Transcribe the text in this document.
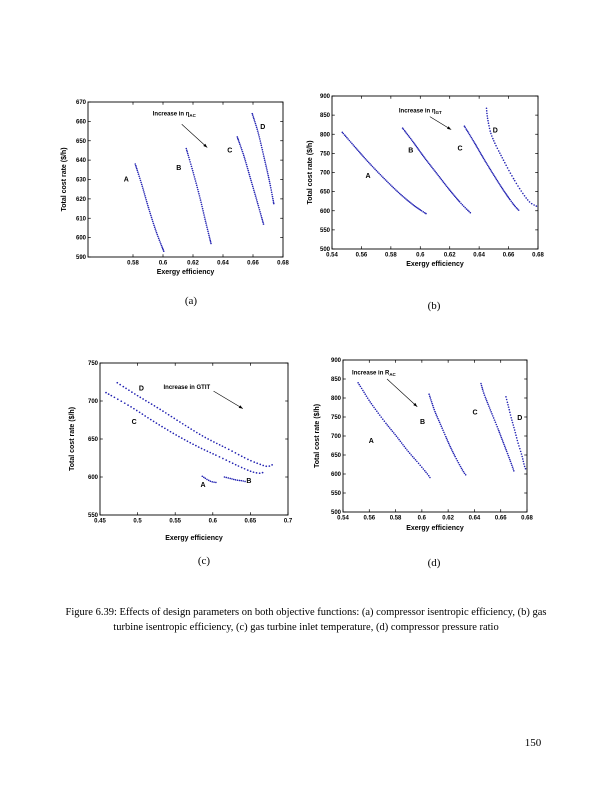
0.58	0.6	0.62	0.64	0.66	0.68
590
600
610
620
630
640
650
660
670
Exergy efficiency
Total cost rate ($/h)	A
B
C
D
Increase in $\eta_{AC}$
0.54	0.56	0.58	0.6	0.62	0.64	0.66	0.68
500
550
600
650
700
750
800
850
900
Exergy efficiency
Total cost rate ($/h)	A
B	C
D
Increase in $\eta_{GT}$
0.45	0.5	0.55	0.6	0.65	0.7
550
600
650
700
750
Exergy efficiency
Total cost rate ($/h)
D
C
A
B
Increase in GTIT
0.54 0.56 0.58	0.6	0.62 0.64 0.66 0.68
500
550
600
650
700
750
800
850
900
Exergy efficiency
Total cost rate ($/h)	A
B
C
D
Increase in $R_{AC}$
(a)	(b)
(c)	(d)
Figure 6.39: Effects of design parameters on both objective functions: (a) compressor isentropic efficiency, (b) gas turbine isentropic efficiency, (c) gas turbine inlet temperature, (d) compressor pressure ratio
150
